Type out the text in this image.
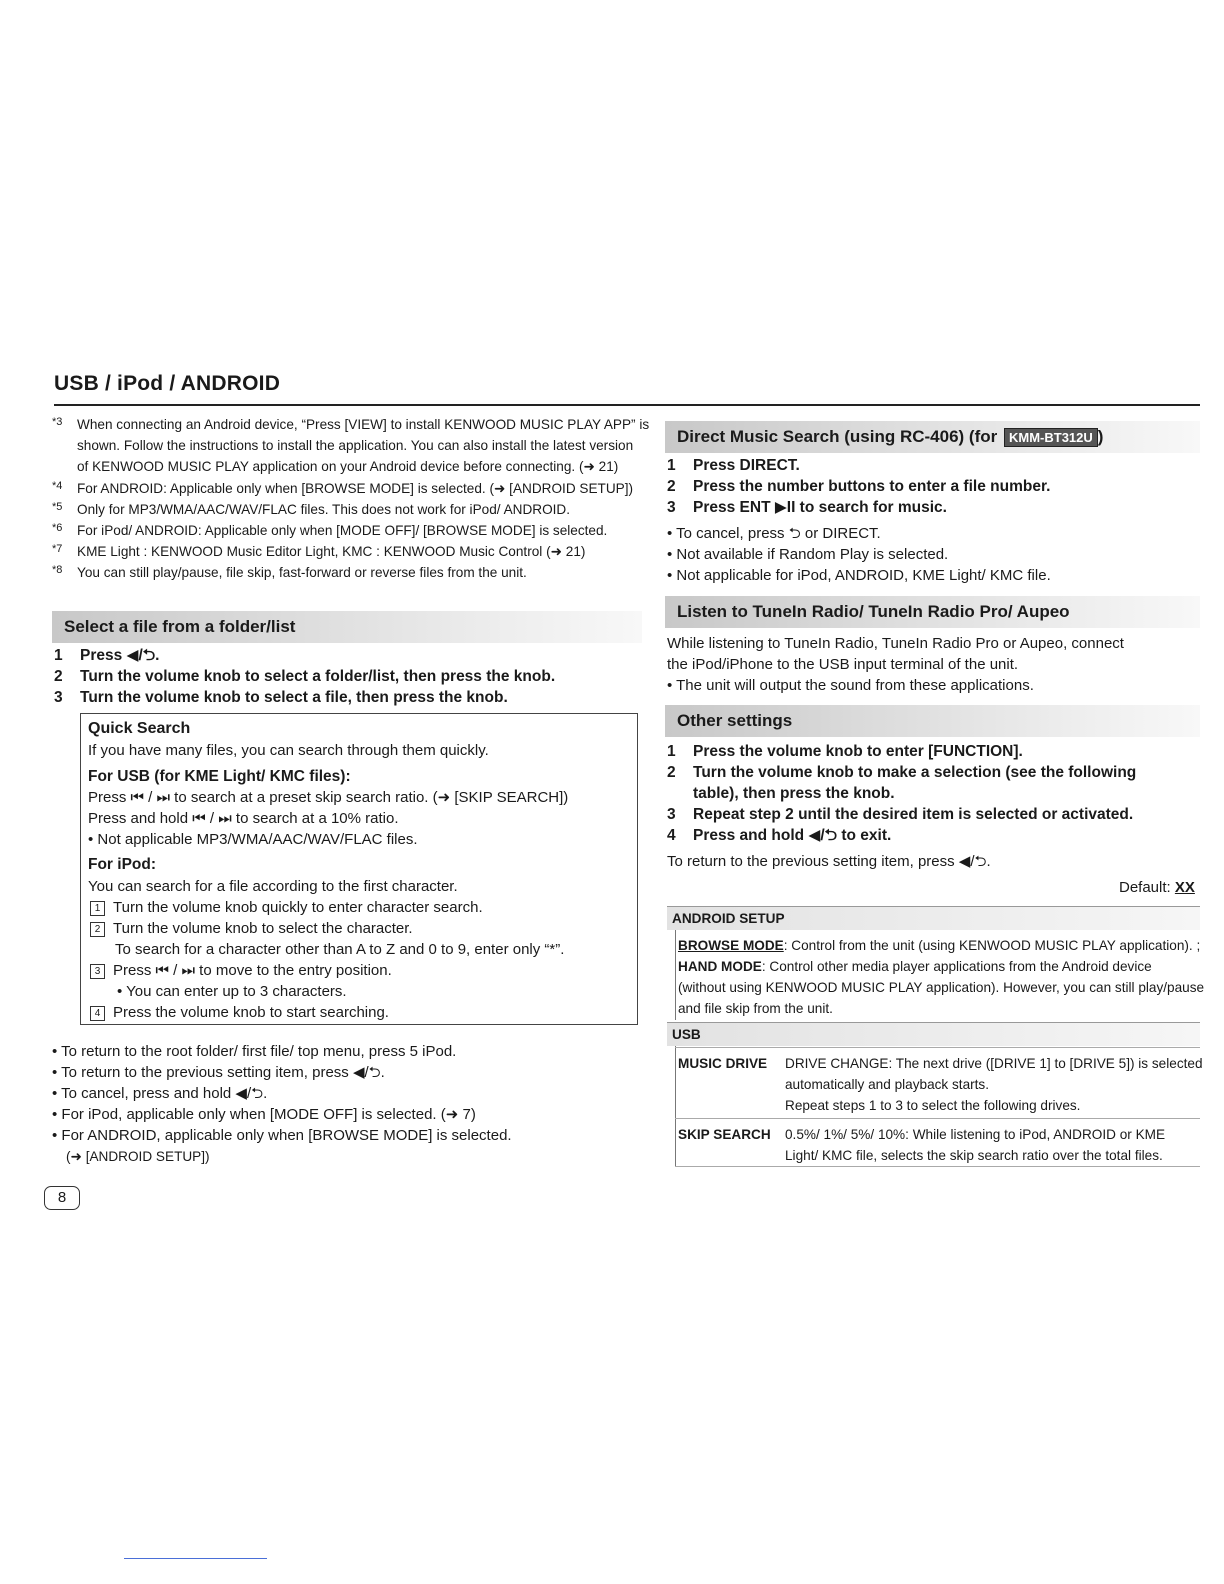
USB / iPod / ANDROID
*3 When connecting an Android device, “Press [VIEW] to install KENWOOD MUSIC PLAY APP” is
shown. Follow the instructions to install the application. You can also install the latest version
of KENWOOD MUSIC PLAY application on your Android device before connecting. (➜ 21)
*4 For ANDROID: Applicable only when [BROWSE MODE] is selected. (➜ [ANDROID SETUP])
*5 Only for MP3/WMA/AAC/WAV/FLAC files. This does not work for iPod/ ANDROID.
*6 For iPod/ ANDROID: Applicable only when [MODE OFF]/ [BROWSE MODE] is selected.
*7 KME Light : KENWOOD Music Editor Light, KMC : KENWOOD Music Control (➜ 21)
*8 You can still play/pause, file skip, fast-forward or reverse files from the unit.
Select a file from a folder/list
1 Press ◀/⮌.
2 Turn the volume knob to select a folder/list, then press the knob.
3 Turn the volume knob to select a file, then press the knob.
Quick Search
If you have many files, you can search through them quickly.
For USB (for KME Light/ KMC files):
Press ⏮ / ⏭ to search at a preset skip search ratio. (➜ [SKIP SEARCH])
Press and hold ⏮ / ⏭ to search at a 10% ratio.
• Not applicable MP3/WMA/AAC/WAV/FLAC files.
For iPod:
You can search for a file according to the first character.
1 Turn the volume knob quickly to enter character search.
2 Turn the volume knob to select the character.
To search for a character other than A to Z and 0 to 9, enter only “*”.
3 Press ⏮ / ⏭ to move to the entry position.
• You can enter up to 3 characters.
4 Press the volume knob to start searching.
• To return to the root folder/ first file/ top menu, press 5 iPod.
• To return to the previous setting item, press ◀/⮌.
• To cancel, press and hold ◀/⮌.
• For iPod, applicable only when [MODE OFF] is selected. (➜ 7)
• For ANDROID, applicable only when [BROWSE MODE] is selected.
(➜ [ANDROID SETUP])
8
Direct Music Search (using RC-406) (for KMM-BT312U )
1 Press DIRECT.
2 Press the number buttons to enter a file number.
3 Press ENT ▶II to search for music.
• To cancel, press ⮌ or DIRECT.
• Not available if Random Play is selected.
• Not applicable for iPod, ANDROID, KME Light/ KMC file.
Listen to TuneIn Radio/ TuneIn Radio Pro/ Aupeo
While listening to TuneIn Radio, TuneIn Radio Pro or Aupeo, connect
the iPod/iPhone to the USB input terminal of the unit.
• The unit will output the sound from these applications.
Other settings
1 Press the volume knob to enter [FUNCTION].
2 Turn the volume knob to make a selection (see the following
table), then press the knob.
3 Repeat step 2 until the desired item is selected or activated.
4 Press and hold ◀/⮌ to exit.
To return to the previous setting item, press ◀/⮌.
Default: XX
ANDROID SETUP
BROWSE MODE: Control from the unit (using KENWOOD MUSIC PLAY application). ;
HAND MODE: Control other media player applications from the Android device
(without using KENWOOD MUSIC PLAY application). However, you can still play/pause
and file skip from the unit.
USB
MUSIC DRIVE DRIVE CHANGE: The next drive ([DRIVE 1] to [DRIVE 5]) is selected
automatically and playback starts.
Repeat steps 1 to 3 to select the following drives.
SKIP SEARCH 0.5%/ 1%/ 5%/ 10%: While listening to iPod, ANDROID or KME
Light/ KMC file, selects the skip search ratio over the total files.
